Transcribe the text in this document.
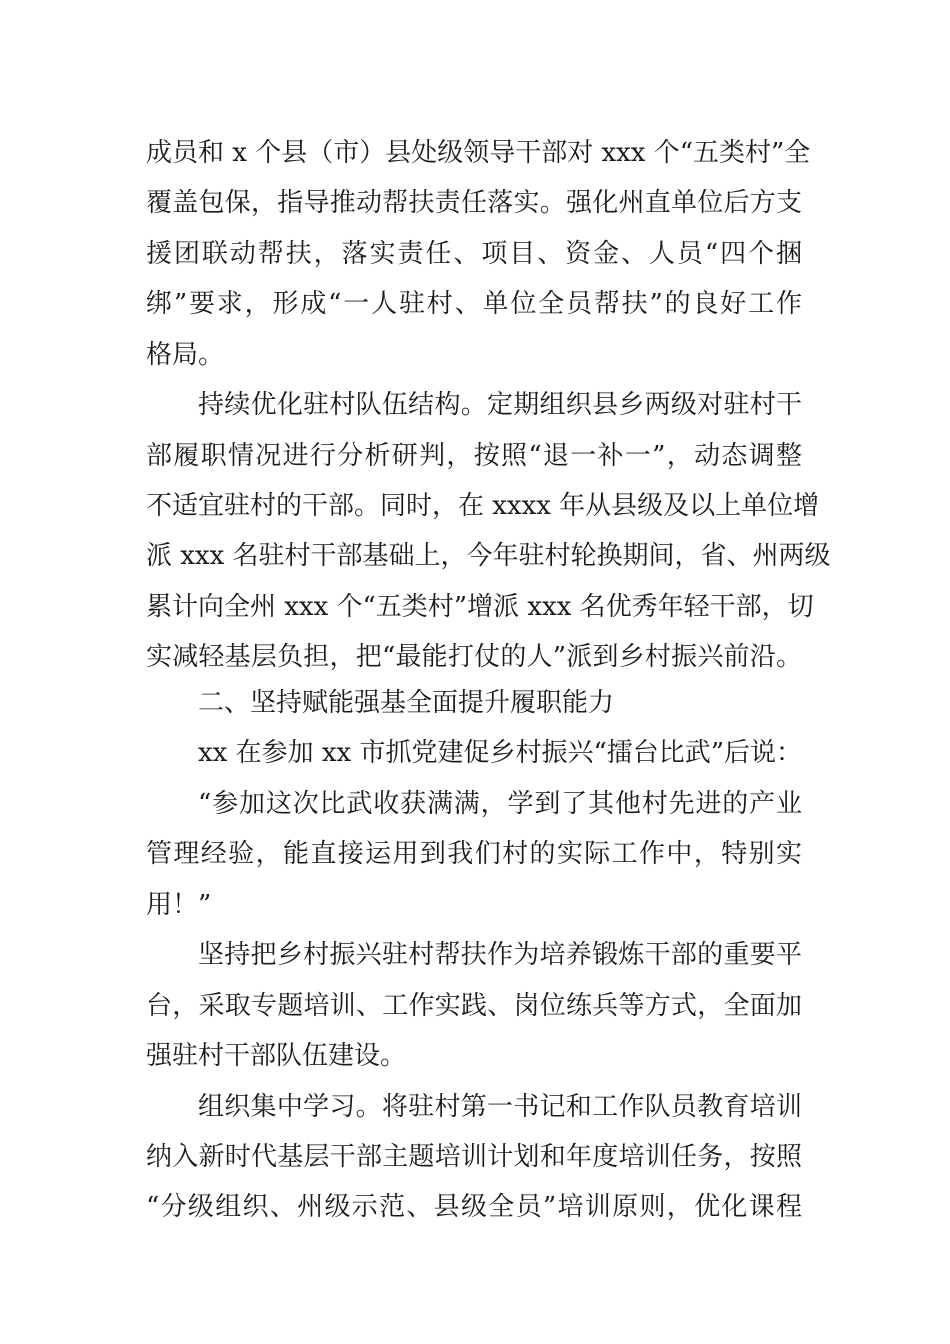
成员和 x 个县（市）县处级领导干部对 xxx 个“五类村”全
覆盖包保，指导推动帮扶责任落实。强化州直单位后方支
援团联动帮扶，落实责任、项目、资金、人员“四个捆
绑”要求，形成“一人驻村、单位全员帮扶”的良好工作
格局。
持续优化驻村队伍结构。定期组织县乡两级对驻村干
部履职情况进行分析研判，按照“退一补一”，动态调整
不适宜驻村的干部。同时，在 xxxx 年从县级及以上单位增
派 xxx 名驻村干部基础上，今年驻村轮换期间，省、州两级
累计向全州 xxx 个“五类村”增派 xxx 名优秀年轻干部，切
实减轻基层负担，把“最能打仗的人”派到乡村振兴前沿。
二、坚持赋能强基全面提升履职能力
xx 在参加 xx 市抓党建促乡村振兴“擂台比武”后说：
“参加这次比武收获满满，学到了其他村先进的产业
管理经验，能直接运用到我们村的实际工作中，特别实
用！”
坚持把乡村振兴驻村帮扶作为培养锻炼干部的重要平
台，采取专题培训、工作实践、岗位练兵等方式，全面加
强驻村干部队伍建设。
组织集中学习。将驻村第一书记和工作队员教育培训
纳入新时代基层干部主题培训计划和年度培训任务，按照
“分级组织、州级示范、县级全员”培训原则，优化课程
